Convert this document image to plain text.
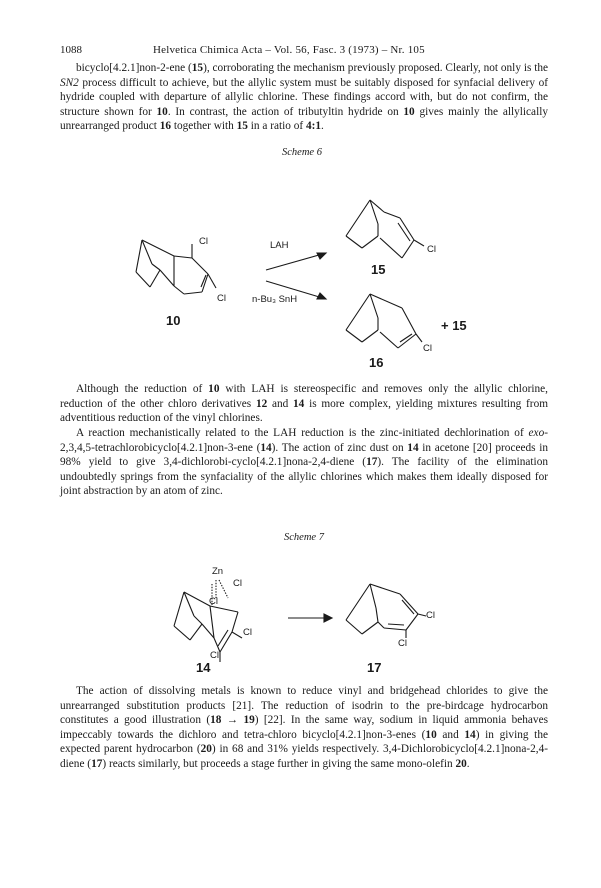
1088	Helvetica Chimica Acta – Vol. 56, Fasc. 3 (1973) – Nr. 105

bicyclo[4.2.1]non-2-ene (15), corroborating the mechanism previously proposed. Clearly, not only is the SN2 process difficult to achieve, but the allylic system must be suitably disposed for synfacial delivery of hydride coupled with departure of allylic chlorine. These findings accord with, but do not confirm, the structure shown for 10. In contrast, the action of tributyltin hydride on 10 gives mainly the allylically unrearranged product 16 together with 15 in a ratio of 4:1.

Scheme 6
Cl
Cl
10
LAH
n-Bu₃ SnH
Cl
15
Cl
+ 15
16

Although the reduction of 10 with LAH is stereospecific and removes only the allylic chlorine, reduction of the other chloro derivatives 12 and 14 is more complex, yielding mixtures resulting from adventitious reduction of the vinyl chlorines.

A reaction mechanistically related to the LAH reduction is the zinc-initiated dechlorination of exo-2,3,4,5-tetrachlorobicyclo[4.2.1]non-3-ene (14). The action of zinc dust on 14 in acetone [20] proceeds in 98% yield to give 3,4-dichlorobi-cyclo[4.2.1]nona-2,4-diene (17). The facility of the elimination undoubtedly springs from the synfaciality of the allylic chlorines which makes them ideally disposed for joint abstraction by an atom of zinc.

Scheme 7
Zn
Cl
Cl
Cl
Cl
14
Cl
Cl
17

The action of dissolving metals is known to reduce vinyl and bridgehead chlorides to give the unrearranged substitution products [21]. The reduction of isodrin to the pre-birdcage hydrocarbon constitutes a good illustration (18 → 19) [22]. In the same way, sodium in liquid ammonia behaves impeccably towards the dichloro and tetra-chloro bicyclo[4.2.1]non-3-enes (10 and 14) in giving the expected parent hydrocarbon (20) in 68 and 31% yields respectively. 3,4-Dichlorobicyclo[4.2.1]nona-2,4-diene (17) reacts similarly, but proceeds a stage further in giving the same mono-olefin 20.
